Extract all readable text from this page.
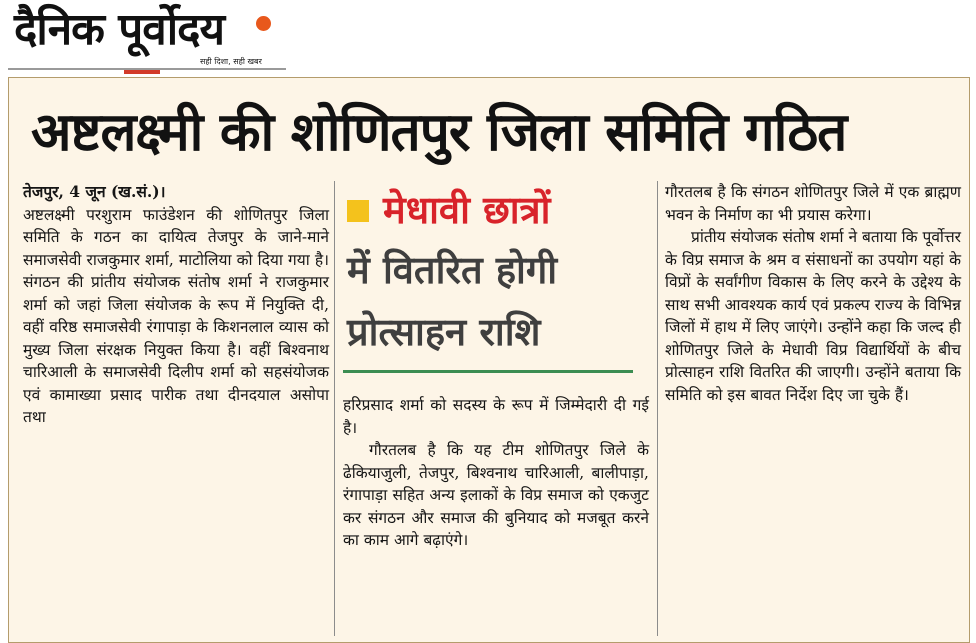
दैनिक पूर्वोदय
सही दिशा, सही खबर
अष्टलक्ष्मी की शोणितपुर जिला समिति गठित

तेजपुर, 4 जून (ख.सं.)।
अष्टलक्ष्मी परशुराम फाउंडेशन की शोणितपुर जिला समिति के गठन का दायित्व तेजपुर के जाने-माने समाजसेवी राजकुमार शर्मा, माटोलिया को दिया गया है। संगठन की प्रांतीय संयोजक संतोष शर्मा ने राजकुमार शर्मा को जहां जिला संयोजक के रूप में नियुक्ति दी, वहीं वरिष्ठ समाजसेवी रंगापाड़ा के किशनलाल व्यास को मुख्य जिला संरक्षक नियुक्त किया है। वहीं बिश्वनाथ चारिआली के समाजसेवी दिलीप शर्मा को सहसंयोजक एवं कामाख्या प्रसाद पारीक तथा दीनदयाल असोपा तथा

मेधावी छात्रों
में वितरित होगी
प्रोत्साहन राशि

हरिप्रसाद शर्मा को सदस्य के रूप में जिम्मेदारी दी गई है।

गौरतलब है कि यह टीम शोणितपुर जिले के ढेकियाजुली, तेजपुर, बिश्वनाथ चारिआली, बालीपाड़ा, रंगापाड़ा सहित अन्य इलाकों के विप्र समाज को एकजुट कर संगठन और समाज की बुनियाद को मजबूत करने का काम आगे बढ़ाएंगे।

गौरतलब है कि संगठन शोणितपुर जिले में एक ब्राह्मण भवन के निर्माण का भी प्रयास करेगा।

प्रांतीय संयोजक संतोष शर्मा ने बताया कि पूर्वोत्तर के विप्र समाज के श्रम व संसाधनों का उपयोग यहां के विप्रों के सर्वांगीण विकास के लिए करने के उद्देश्य के साथ सभी आवश्यक कार्य एवं प्रकल्प राज्य के विभिन्न जिलों में हाथ में लिए जाएंगे। उन्होंने कहा कि जल्द ही शोणितपुर जिले के मेधावी विप्र विद्यार्थियों के बीच प्रोत्साहन राशि वितरित की जाएगी। उन्होंने बताया कि समिति को इस बावत निर्देश दिए जा चुके हैं।
